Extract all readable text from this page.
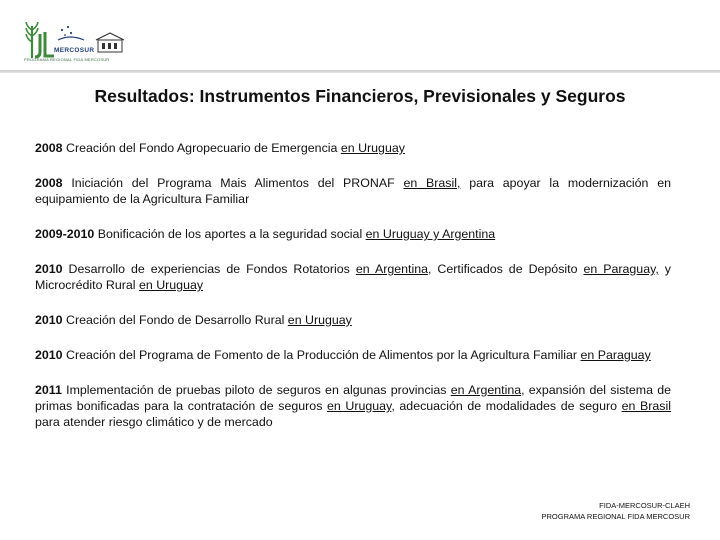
MERCOSUR
PROGRAMA REGIONAL FIDA MERCOSUR
Resultados: Instrumentos Financieros, Previsionales y Seguros

2008 Creación del Fondo Agropecuario de Emergencia en Uruguay

2008 Iniciación del Programa Mais Alimentos del PRONAF en Brasil, para apoyar la modernización en equipamiento de la Agricultura Familiar

2009-2010 Bonificación de los aportes a la seguridad social en Uruguay y Argentina

2010 Desarrollo de experiencias de Fondos Rotatorios en Argentina, Certificados de Depósito en Paraguay, y Microcrédito Rural en Uruguay

2010 Creación del Fondo de Desarrollo Rural en Uruguay

2010 Creación del Programa de Fomento de la Producción de Alimentos por la Agricultura Familiar en Paraguay

2011 Implementación de pruebas piloto de seguros en algunas provincias en Argentina, expansión del sistema de primas bonificadas para la contratación de seguros en Uruguay, adecuación de modalidades de seguro en Brasil para atender riesgo climático y de mercado

FIDA-MERCOSUR-CLAEH
PROGRAMA REGIONAL FIDA MERCOSUR
